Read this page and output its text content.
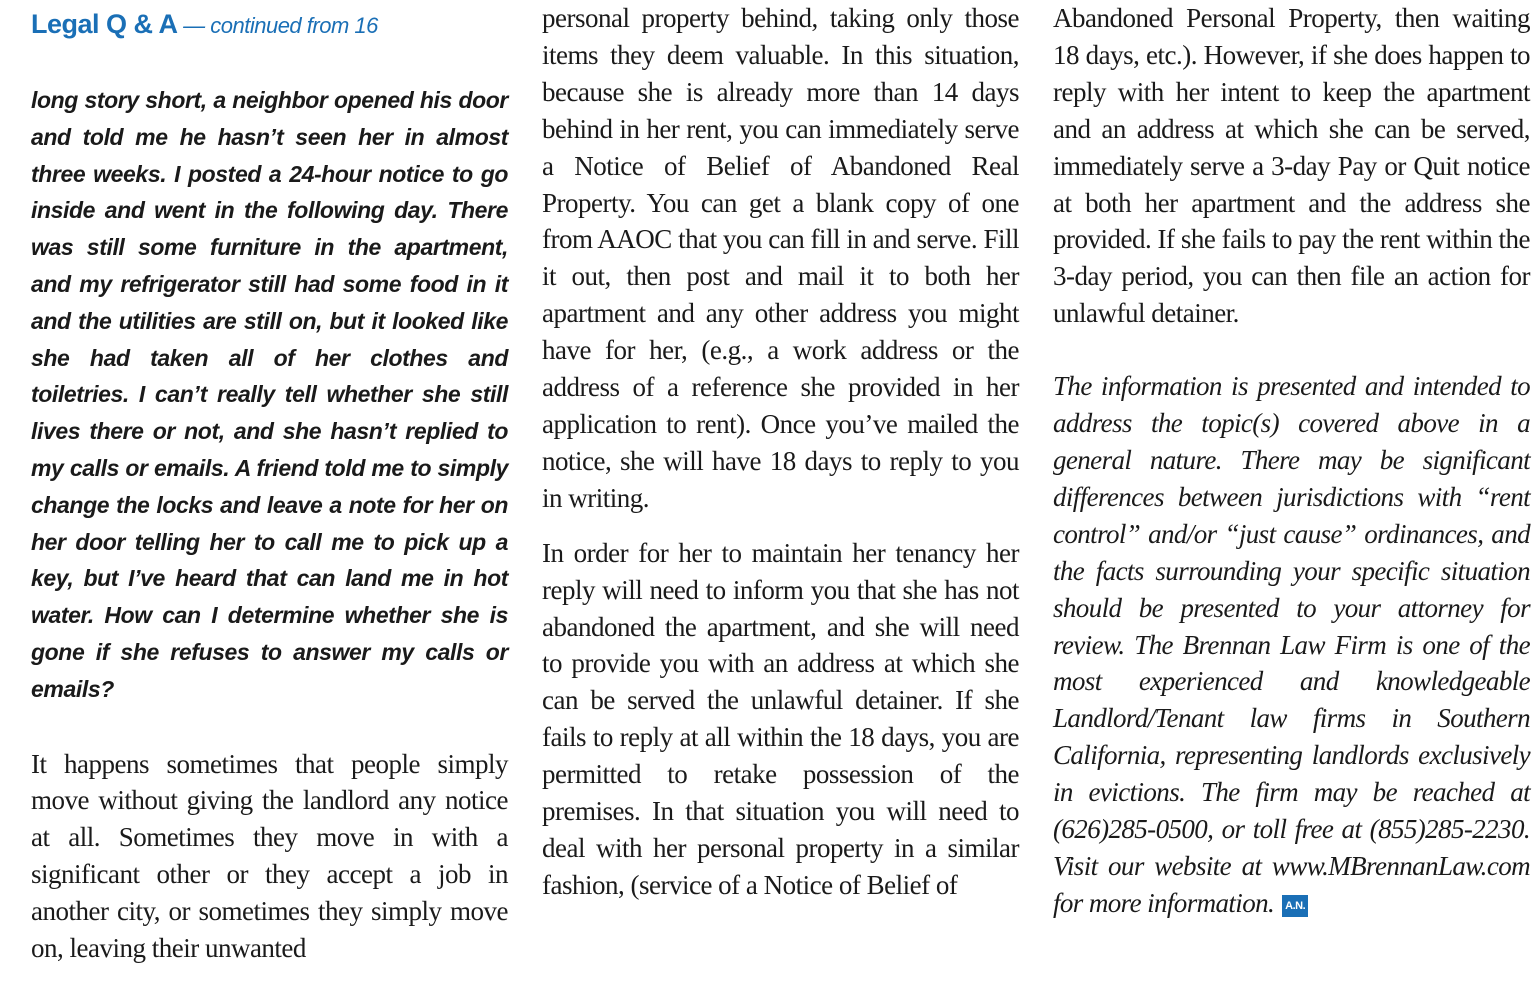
Legal Q & A — continued from 16

long story short, a neighbor opened his door and told me he hasn’t seen her in almost three weeks. I posted a 24-hour notice to go inside and went in the following day. There was still some furniture in the apartment, and my refrigerator still had some food in it and the utilities are still on, but it looked like she had taken all of her clothes and toiletries. I can’t really tell whether she still lives there or not, and she hasn’t replied to my calls or emails. A friend told me to simply change the locks and leave a note for her on her door telling her to call me to pick up a key, but I’ve heard that can land me in hot water. How can I determine whether she is gone if she refuses to answer my calls or emails?

It happens sometimes that people simply move without giving the landlord any notice at all. Sometimes they move in with a significant other or they accept a job in another city, or sometimes they simply move on, leaving their unwanted

personal property behind, taking only those items they deem valuable. In this situation, because she is already more than 14 days behind in her rent, you can immediately serve a Notice of Belief of Abandoned Real Property. You can get a blank copy of one from AAOC that you can fill in and serve. Fill it out, then post and mail it to both her apartment and any other address you might have for her, (e.g., a work address or the address of a reference she provided in her application to rent). Once you’ve mailed the notice, she will have 18 days to reply to you in writing.

In order for her to maintain her tenancy her reply will need to inform you that she has not abandoned the apartment, and she will need to provide you with an address at which she can be served the unlawful detainer. If she fails to reply at all within the 18 days, you are permitted to retake possession of the premises. In that situation you will need to deal with her personal property in a similar fashion, (service of a Notice of Belief of

Abandoned Personal Property, then waiting 18 days, etc.). However, if she does happen to reply with her intent to keep the apartment and an address at which she can be served, immediately serve a 3-day Pay or Quit notice at both her apartment and the address she provided. If she fails to pay the rent within the 3-day period, you can then file an action for unlawful detainer.

The information is presented and intended to address the topic(s) covered above in a general nature. There may be significant differences between jurisdictions with “rent control” and/or “just cause” ordinances, and the facts surrounding your specific situation should be presented to your attorney for review. The Brennan Law Firm is one of the most experienced and knowledgeable Landlord/Tenant law firms in Southern California, representing landlords exclusively in evictions. The firm may be reached at (626)285-0500, or toll free at (855)285-2230. Visit our website at www.MBrennanLaw.com for more information. A.N.
